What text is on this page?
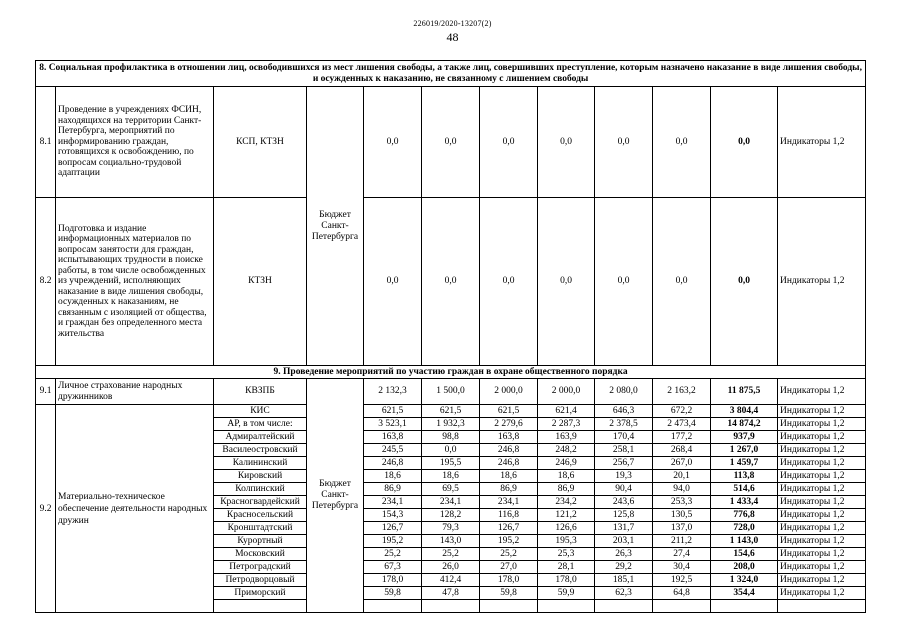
226019/2020-13207(2)
48
8. Социальная профилактика в отношении лиц, освободившихся из мест лишения свободы, а также лиц, совершивших преступление, которым назначено наказание в виде лишения свободы, и осужденных к наказанию, не связанному с лишением свободы											
8.1	Проведение в учреждениях ФСИН, находящихся на территории Санкт-Петербурга, мероприятий по информированию граждан, готовящихся к освобождению, по вопросам социально-трудовой адаптации	КСП, КТЗН	Бюджет Санкт-Петербурга	0,0	0,0	0,0	0,0	0,0	0,0	0,0	Индикаторы 1,2
8.2	Подготовка и издание информационных материалов по вопросам занятости для граждан, испытывающих трудности в поиске работы, в том числе освобожденных из учреждений, исполняющих наказание в виде лишения свободы, осужденных к наказаниям, не связанным с изоляцией от общества, и граждан без определенного места жительства	КТЗН		0,0	0,0	0,0	0,0	0,0	0,0	0,0	Индикаторы 1,2
9. Проведение мероприятий по участию граждан в охране общественного порядка											
9.1	Личное страхование народных дружинников	КВЗПБ	Бюджет Санкт-Петербурга	2 132,3	1 500,0	2 000,0	2 000,0	2 080,0	2 163,2	11 875,5	Индикаторы 1,2
9.2	Материально-техническое обеспечение деятельности народных дружин	КИС		621,5	621,5	621,5	621,4	646,3	672,2	3 804,4	Индикаторы 1,2
		АР, в том числе:		3 523,1	1 932,3	2 279,6	2 287,3	2 378,5	2 473,4	14 874,2	Индикаторы 1,2
		Адмиралтейский		163,8	98,8	163,8	163,9	170,4	177,2	937,9	Индикаторы 1,2
		Василеостровский		245,5	0,0	246,8	248,2	258,1	268,4	1 267,0	Индикаторы 1,2
		Калининский		246,8	195,5	246,8	246,9	256,7	267,0	1 459,7	Индикаторы 1,2
		Кировский		18,6	18,6	18,6	18,6	19,3	20,1	113,8	Индикаторы 1,2
		Колпинский		86,9	69,5	86,9	86,9	90,4	94,0	514,6	Индикаторы 1,2
		Красногвардейский		234,1	234,1	234,1	234,2	243,6	253,3	1 433,4	Индикаторы 1,2
		Красносельский		154,3	128,2	116,8	121,2	125,8	130,5	776,8	Индикаторы 1,2
		Кронштадтский		126,7	79,3	126,7	126,6	131,7	137,0	728,0	Индикаторы 1,2
		Курортный		195,2	143,0	195,2	195,3	203,1	211,2	1 143,0	Индикаторы 1,2
		Московский		25,2	25,2	25,2	25,3	26,3	27,4	154,6	Индикаторы 1,2
		Петроградский		67,3	26,0	27,0	28,1	29,2	30,4	208,0	Индикаторы 1,2
		Петродворцовый		178,0	412,4	178,0	178,0	185,1	192,5	1 324,0	Индикаторы 1,2
		Приморский		59,8	47,8	59,8	59,9	62,3	64,8	354,4	Индикаторы 1,2
